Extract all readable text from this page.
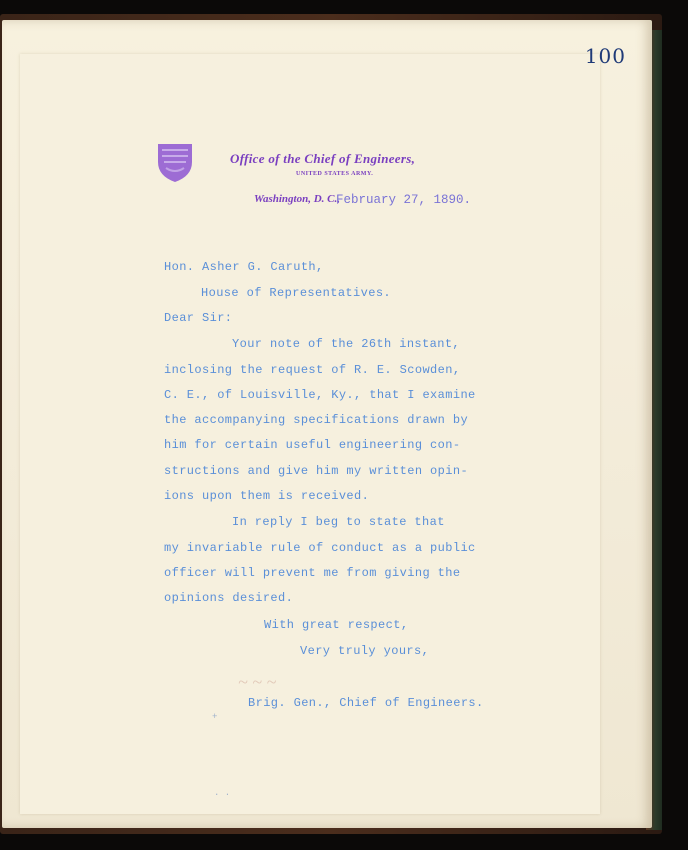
100
Office of the Chief of Engineers,
UNITED STATES ARMY.
Washington, D. C.,
February 27, 1890.
Hon. Asher G. Caruth,
House of Representatives.
Dear Sir:
Your note of the 26th instant,
inclosing the request of R. E. Scowden,
C. E., of Louisville, Ky., that I examine
the accompanying specifications drawn by
him for certain useful engineering con-
structions and give him my written opin-
ions upon them is received.
In reply I beg to state that
my invariable rule of conduct as a public
officer will prevent me from giving the
opinions desired.
With great respect,
Very truly yours,
~ ~ ~
Brig. Gen., Chief of Engineers.
+
· ·
